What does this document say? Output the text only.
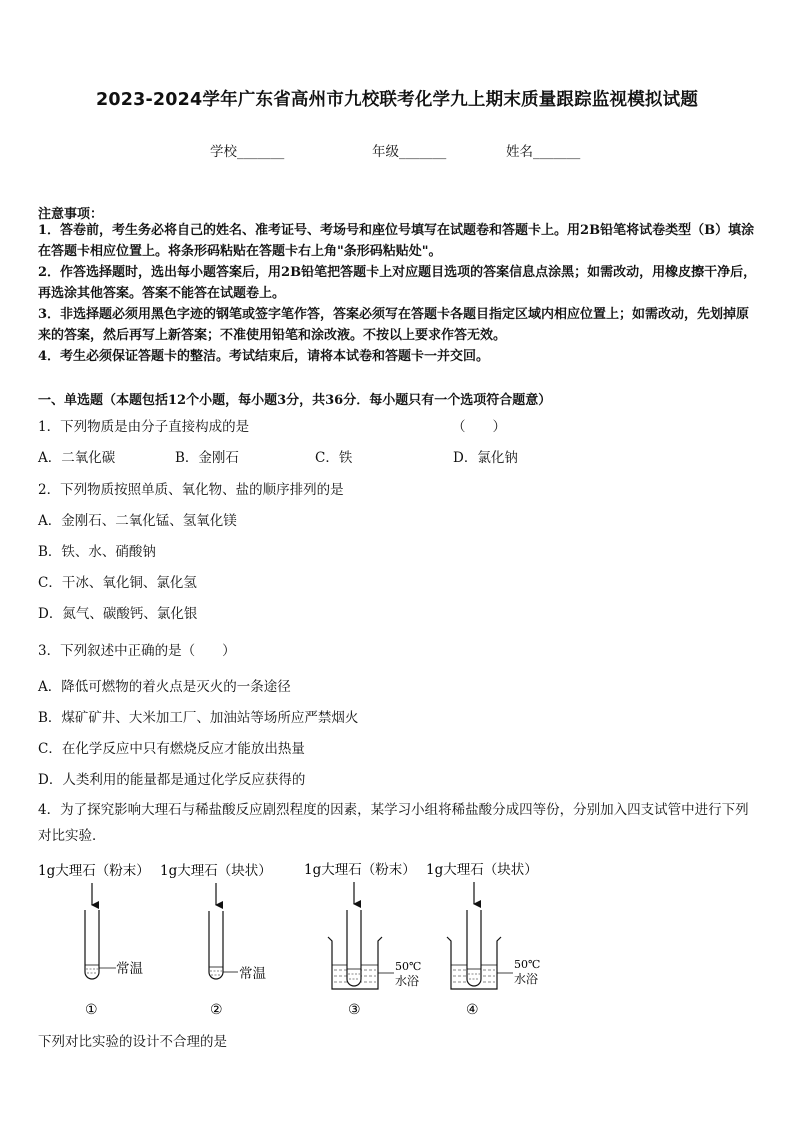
2023-2024学年广东省高州市九校联考化学九上期末质量跟踪监视模拟试题
学校_______	年级_______	姓名_______
注意事项：
1．答卷前，考生务必将自己的姓名、准考证号、考场号和座位号填写在试题卷和答题卡上。用2B铅笔将试卷类型（B）填涂在答题卡相应位置上。将条形码粘贴在答题卡右上角"条形码粘贴处"。
2．作答选择题时，选出每小题答案后，用2B铅笔把答题卡上对应题目选项的答案信息点涂黑；如需改动，用橡皮擦干净后，再选涂其他答案。答案不能答在试题卷上。
3．非选择题必须用黑色字迹的钢笔或签字笔作答，答案必须写在答题卡各题目指定区域内相应位置上；如需改动，先划掉原来的答案，然后再写上新答案；不准使用铅笔和涂改液。不按以上要求作答无效。
4．考生必须保证答题卡的整洁。考试结束后，请将本试卷和答题卡一并交回。
一、单选题（本题包括12个小题，每小题3分，共36分．每小题只有一个选项符合题意）
1．下列物质是由分子直接构成的是	（　　）
A．二氧化碳	B．金刚石	C．铁	D．氯化钠
2．下列物质按照单质、氧化物、盐的顺序排列的是
A．金刚石、二氧化锰、氢氧化镁
B．铁、水、硝酸钠
C．干冰、氧化铜、氯化氢
D．氮气、碳酸钙、氯化银
3．下列叙述中正确的是（　　）
A．降低可燃物的着火点是灭火的一条途径
B．煤矿矿井、大米加工厂、加油站等场所应严禁烟火
C．在化学反应中只有燃烧反应才能放出热量
D．人类利用的能量都是通过化学反应获得的
4．为了探究影响大理石与稀盐酸反应剧烈程度的因素，某学习小组将稀盐酸分成四等份，分别加入四支试管中进行下列对比实验．
1g大理石（粉末） 1g大理石（块状） 1g大理石（粉末） 1g大理石（块状）
常温	常温	50℃
水浴
50℃
水浴
①	②	③	④
下列对比实验的设计不合理的是
